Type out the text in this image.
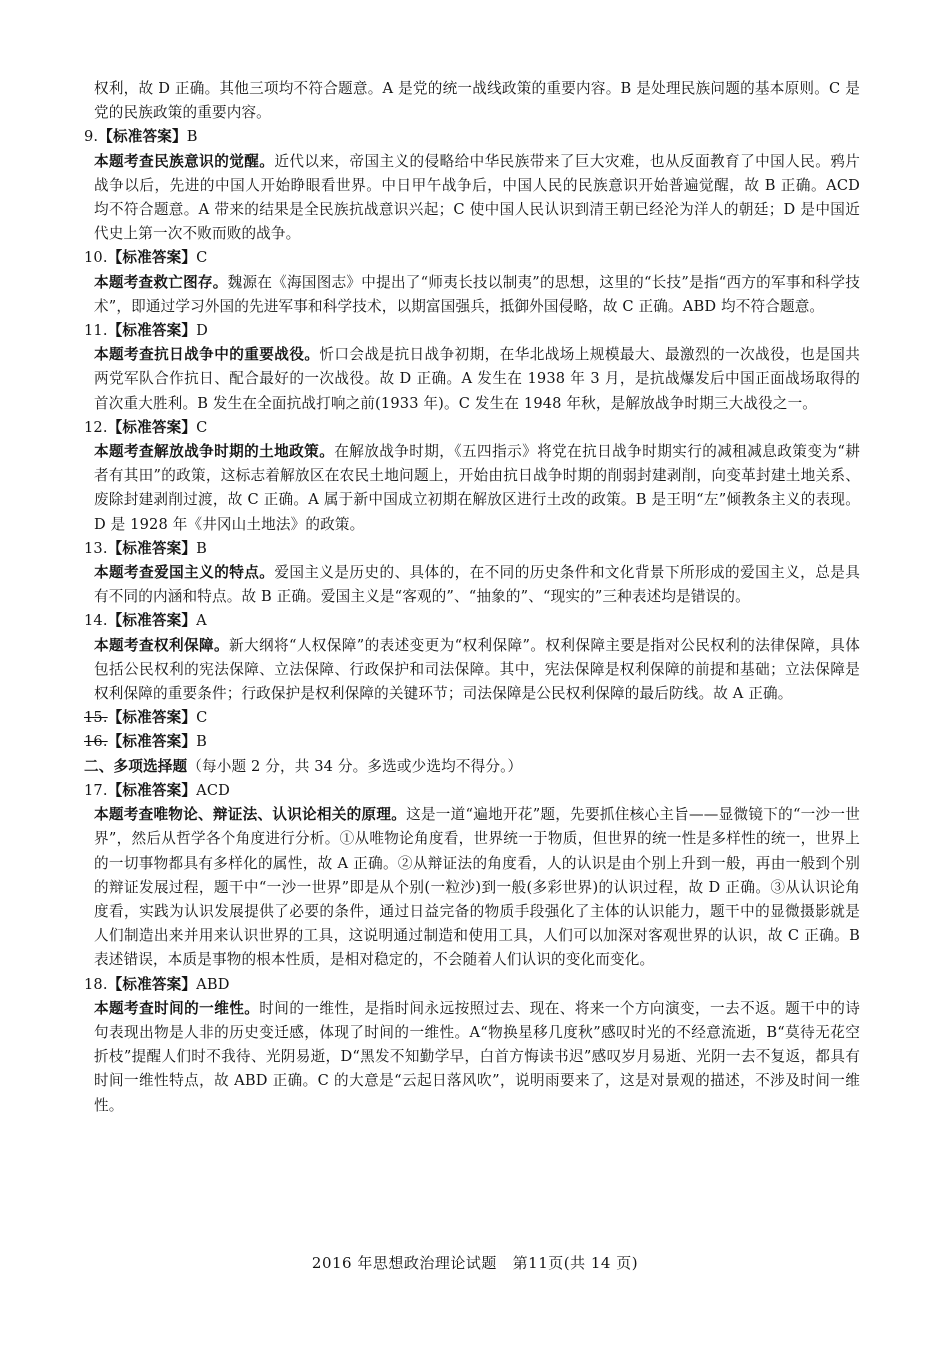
权利，故 D 正确。其他三项均不符合题意。A 是党的统一战线政策的重要内容。B 是处理民族问题的基本原则。C 是党的民族政策的重要内容。

9.【标准答案】B

本题考查民族意识的觉醒。近代以来，帝国主义的侵略给中华民族带来了巨大灾难，也从反面教育了中国人民。鸦片战争以后，先进的中国人开始睁眼看世界。中日甲午战争后，中国人民的民族意识开始普遍觉醒，故 B 正确。ACD 均不符合题意。A 带来的结果是全民族抗战意识兴起；C 使中国人民认识到清王朝已经沦为洋人的朝廷；D 是中国近代史上第一次不败而败的战争。

10.【标准答案】C

本题考查救亡图存。魏源在《海国图志》中提出了“师夷长技以制夷”的思想，这里的“长技”是指“西方的军事和科学技术”，即通过学习外国的先进军事和科学技术，以期富国强兵，抵御外国侵略，故 C 正确。ABD 均不符合题意。

11.【标准答案】D

本题考查抗日战争中的重要战役。忻口会战是抗日战争初期，在华北战场上规模最大、最激烈的一次战役，也是国共两党军队合作抗日、配合最好的一次战役。故 D 正确。A 发生在 1938 年 3 月，是抗战爆发后中国正面战场取得的首次重大胜利。B 发生在全面抗战打响之前(1933 年)。C 发生在 1948 年秋，是解放战争时期三大战役之一。

12.【标准答案】C

本题考查解放战争时期的土地政策。在解放战争时期，《五四指示》将党在抗日战争时期实行的减租减息政策变为“耕者有其田”的政策，这标志着解放区在农民土地问题上，开始由抗日战争时期的削弱封建剥削，向变革封建土地关系、废除封建剥削过渡，故 C 正确。A 属于新中国成立初期在解放区进行土改的政策。B 是王明“左”倾教条主义的表现。D 是 1928 年《井冈山土地法》的政策。

13.【标准答案】B

本题考查爱国主义的特点。爱国主义是历史的、具体的，在不同的历史条件和文化背景下所形成的爱国主义，总是具有不同的内涵和特点。故 B 正确。爱国主义是“客观的”、“抽象的”、“现实的”三种表述均是错误的。

14.【标准答案】A

本题考查权利保障。新大纲将“人权保障”的表述变更为“权利保障”。权利保障主要是指对公民权利的法律保障，具体包括公民权利的宪法保障、立法保障、行政保护和司法保障。其中，宪法保障是权利保障的前提和基础；立法保障是权利保障的重要条件；行政保护是权利保障的关键环节；司法保障是公民权利保障的最后防线。故 A 正确。

15.【标准答案】C

16.【标准答案】B

二、多项选择题（每小题 2 分，共 34 分。多选或少选均不得分。）

17.【标准答案】ACD

本题考查唯物论、辩证法、认识论相关的原理。这是一道“遍地开花”题，先要抓住核心主旨——显微镜下的“一沙一世界”，然后从哲学各个角度进行分析。①从唯物论角度看，世界统一于物质，但世界的统一性是多样性的统一，世界上的一切事物都具有多样化的属性，故 A 正确。②从辩证法的角度看，人的认识是由个别上升到一般，再由一般到个别的辩证发展过程，题干中“一沙一世界”即是从个别(一粒沙)到一般(多彩世界)的认识过程，故 D 正确。③从认识论角度看，实践为认识发展提供了必要的条件，通过日益完备的物质手段强化了主体的认识能力，题干中的显微摄影就是人们制造出来并用来认识世界的工具，这说明通过制造和使用工具，人们可以加深对客观世界的认识，故 C 正确。B 表述错误，本质是事物的根本性质，是相对稳定的，不会随着人们认识的变化而变化。

18.【标准答案】ABD

本题考查时间的一维性。时间的一维性，是指时间永远按照过去、现在、将来一个方向演变，一去不返。题干中的诗句表现出物是人非的历史变迁感，体现了时间的一维性。A“物换星移几度秋”感叹时光的不经意流逝，B“莫待无花空折枝”提醒人们时不我待、光阴易逝，D“黑发不知勤学早，白首方悔读书迟”感叹岁月易逝、光阴一去不复返，都具有时间一维性特点，故 ABD 正确。C 的大意是“云起日落风吹”，说明雨要来了，这是对景观的描述，不涉及时间一维性。

2016 年思想政治理论试题 第11页(共 14 页)
